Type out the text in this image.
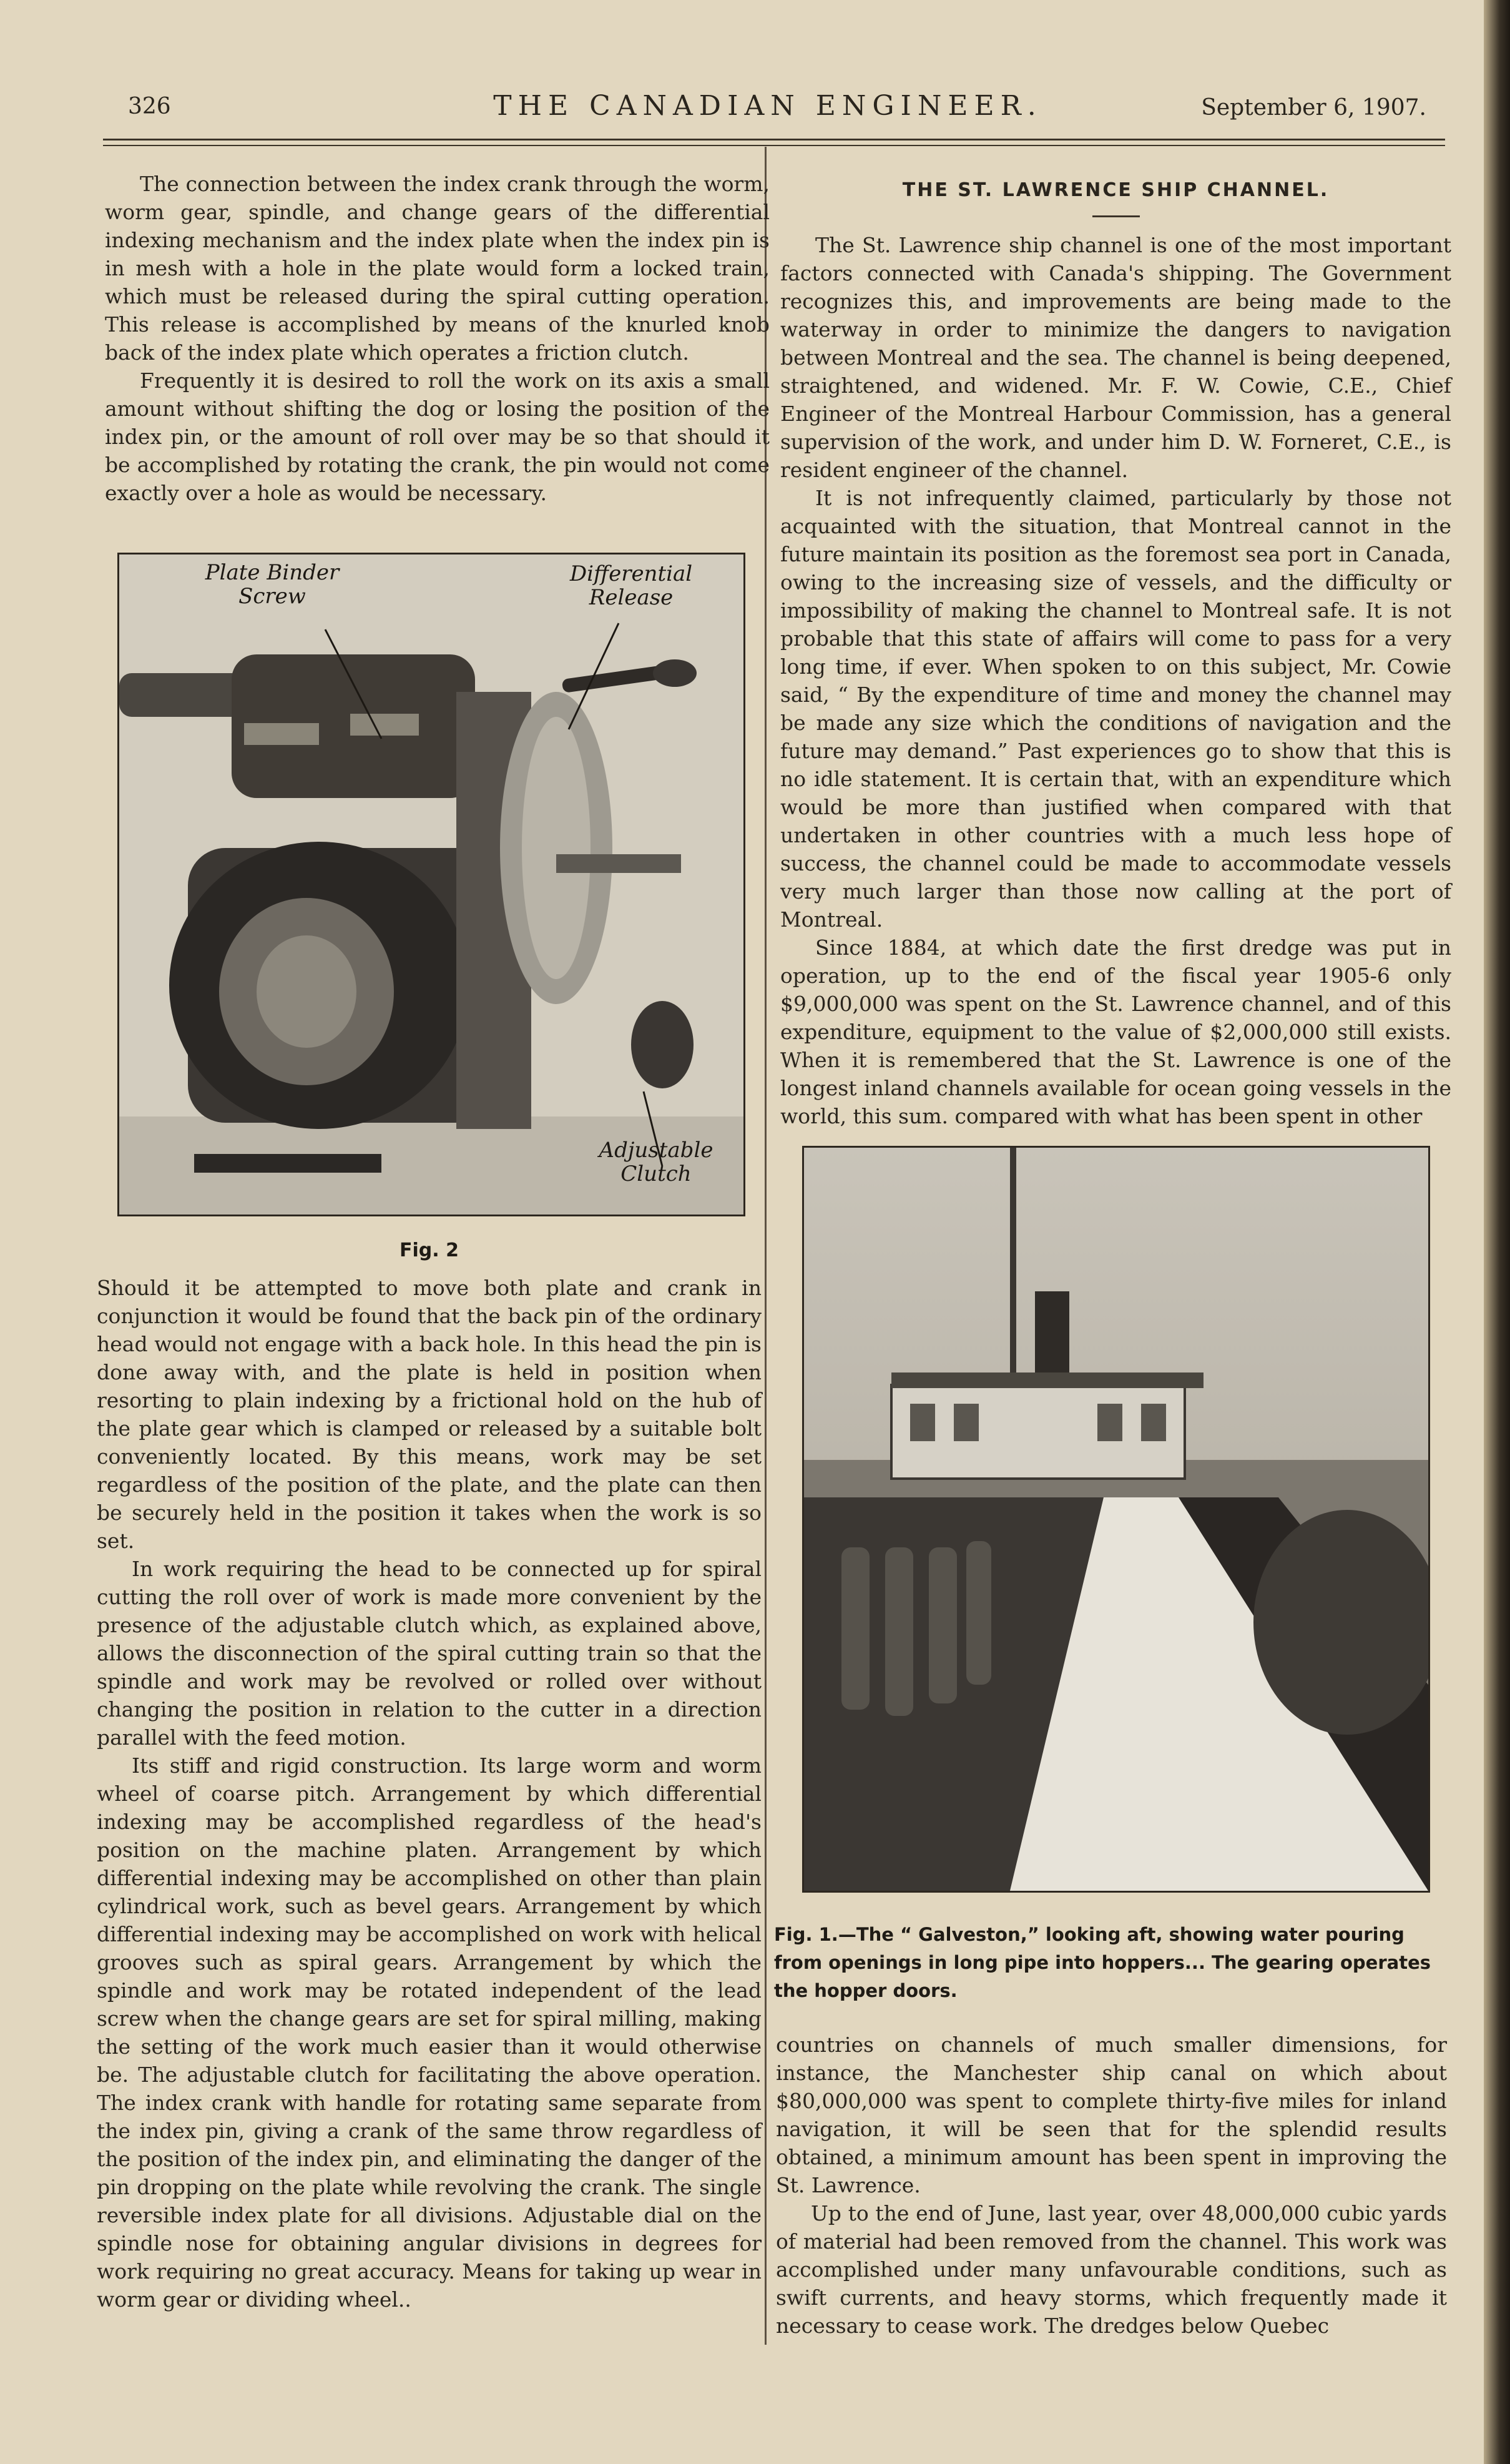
326	THE CANADIAN ENGINEER.	September 6, 1907.

The connection between the index crank through the worm, worm gear, spindle, and change gears of the differential indexing mechanism and the index plate when the index pin is in mesh with a hole in the plate would form a locked train, which must be released during the spiral cutting operation. This release is accomplished by means of the knurled knob back of the index plate which operates a friction clutch.

Frequently it is desired to roll the work on its axis a small amount without shifting the dog or losing the position of the index pin, or the amount of roll over may be so that should it be accomplished by rotating the crank, the pin would not come exactly over a hole as would be necessary.

Plate Binder Screw
Differential Release
Adjustable Clutch
Fig. 2

Should it be attempted to move both plate and crank in conjunction it would be found that the back pin of the ordinary head would not engage with a back hole. In this head the pin is done away with, and the plate is held in position when resorting to plain indexing by a frictional hold on the hub of the plate gear which is clamped or released by a suitable bolt conveniently located. By this means, work may be set regardless of the position of the plate, and the plate can then be securely held in the position it takes when the work is so set.

In work requiring the head to be connected up for spiral cutting the roll over of work is made more convenient by the presence of the adjustable clutch which, as explained above, allows the disconnection of the spiral cutting train so that the spindle and work may be revolved or rolled over without changing the position in relation to the cutter in a direction parallel with the feed motion.

Its stiff and rigid construction. Its large worm and worm wheel of coarse pitch. Arrangement by which differential indexing may be accomplished regardless of the head's position on the machine platen. Arrangement by which differential indexing may be accomplished on other than plain cylindrical work, such as bevel gears. Arrangement by which differential indexing may be accomplished on work with helical grooves such as spiral gears. Arrangement by which the spindle and work may be rotated independent of the lead screw when the change gears are set for spiral milling, making the setting of the work much easier than it would otherwise be. The adjustable clutch for facilitating the above operation. The index crank with handle for rotating same separate from the index pin, giving a crank of the same throw regardless of the position of the index pin, and eliminating the danger of the pin dropping on the plate while revolving the crank. The single reversible index plate for all divisions. Adjustable dial on the spindle nose for obtaining angular divisions in degrees for work requiring no great accuracy. Means for taking up wear in worm gear or dividing wheel..

THE ST. LAWRENCE SHIP CHANNEL.

The St. Lawrence ship channel is one of the most important factors connected with Canada's shipping. The Government recognizes this, and improvements are being made to the waterway in order to minimize the dangers to navigation between Montreal and the sea. The channel is being deepened, straightened, and widened. Mr. F. W. Cowie, C.E., Chief Engineer of the Montreal Harbour Commission, has a general supervision of the work, and under him D. W. Forneret, C.E., is resident engineer of the channel.

It is not infrequently claimed, particularly by those not acquainted with the situation, that Montreal cannot in the future maintain its position as the foremost sea port in Canada, owing to the increasing size of vessels, and the difficulty or impossibility of making the channel to Montreal safe. It is not probable that this state of affairs will come to pass for a very long time, if ever. When spoken to on this subject, Mr. Cowie said, “ By the expenditure of time and money the channel may be made any size which the conditions of navigation and the future may demand.” Past experiences go to show that this is no idle statement. It is certain that, with an expenditure which would be more than justified when compared with that undertaken in other countries with a much less hope of success, the channel could be made to accommodate vessels very much larger than those now calling at the port of Montreal.

Since 1884, at which date the first dredge was put in operation, up to the end of the fiscal year 1905-6 only $9,000,000 was spent on the St. Lawrence channel, and of this expenditure, equipment to the value of $2,000,000 still exists. When it is remembered that the St. Lawrence is one of the longest inland channels available for ocean going vessels in the world, this sum. compared with what has been spent in other

Fig. 1.—The “ Galveston,” looking aft, showing water pouring from openings in long pipe into hoppers... The gearing operates the hopper doors.

countries on channels of much smaller dimensions, for instance, the Manchester ship canal on which about $80,000,000 was spent to complete thirty-five miles for inland navigation, it will be seen that for the splendid results obtained, a minimum amount has been spent in improving the St. Lawrence.

Up to the end of June, last year, over 48,000,000 cubic yards of material had been removed from the channel. This work was accomplished under many unfavourable conditions, such as swift currents, and heavy storms, which frequently made it necessary to cease work. The dredges below Quebec
